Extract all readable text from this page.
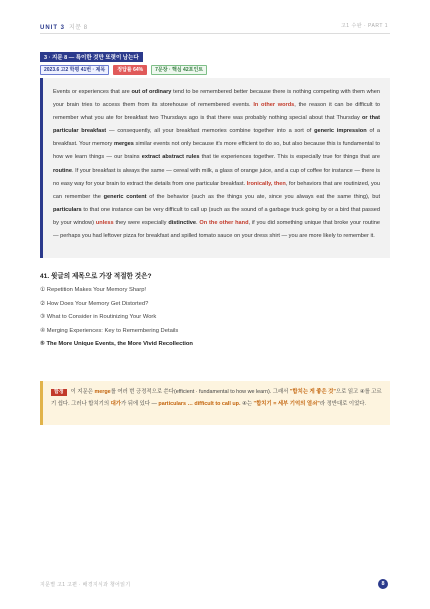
UNIT 3 지문 8	고1 수완 · PART 1
3 · 지문 8 — 특이한 것만 또렷이 남는다
2023.6 고2 학평 41번 · 제목	정답률 64%	7문장 · 핵심 42포인트

Events or experiences that are out of ordinary tend to be remembered better because there is nothing competing with them when your brain tries to access them from its storehouse of remembered events. In other words, the reason it can be difficult to remember what you ate for breakfast two Thursdays ago is that there was probably nothing special about that Thursday or that particular breakfast — consequently, all your breakfast memories combine together into a sort of generic impression of a breakfast. Your memory merges similar events not only because it's more efficient to do so, but also because this is fundamental to how we learn things — our brains extract abstract rules that tie experiences together. This is especially true for things that are routine. If your breakfast is always the same — cereal with milk, a glass of orange juice, and a cup of coffee for instance — there is no easy way for your brain to extract the details from one particular breakfast. Ironically, then, for behaviors that are routinized, you can remember the generic content of the behavior (such as the things you ate, since you always eat the same thing), but particulars to that one instance can be very difficult to call up (such as the sound of a garbage truck going by or a bird that passed by your window) unless they were especially distinctive. On the other hand, if you did something unique that broke your routine — perhaps you had leftover pizza for breakfast and spilled tomato sauce on your dress shirt — you are more likely to remember it.

41. 윗글의 제목으로 가장 적절한 것은?
① Repetition Makes Your Memory Sharp!
② How Does Your Memory Get Distorted?
③ What to Consider in Routinizing Your Work
④ Merging Experiences: Key to Remembering Details
⑤ The More Unique Events, the More Vivid Recollection
함정 이 지문은 merge를 여러 번 긍정적으로 쓴다(efficient · fundamental to how we learn). 그래서 "합치는 게 좋은 것"으로 읽고 ④를 고르기 쉽다. 그러나 합치기의 대가가 뒤에 있다 — particulars … difficult to call up. ④는 "합치기 = 세부 기억의 열쇠"라 정반대로 이었다.
지문별 고1 고편 · 배경지식과 챙어읽기	8
